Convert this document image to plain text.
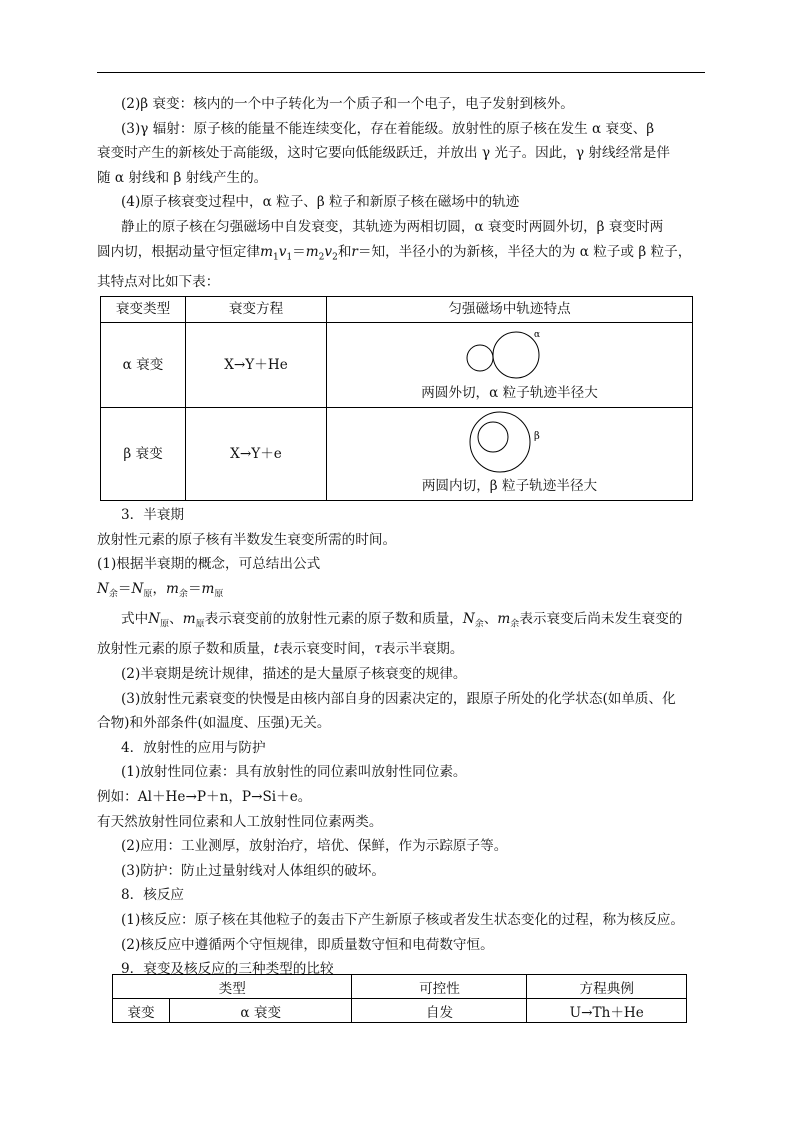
(2)β 衰变：核内的一个中子转化为一个质子和一个电子，电子发射到核外。

(3)γ 辐射：原子核的能量不能连续变化，存在着能级。放射性的原子核在发生 α 衰变、β

衰变时产生的新核处于高能级，这时它要向低能级跃迁，并放出 γ 光子。因此，γ 射线经常是伴

随 α 射线和 β 射线产生的。

(4)原子核衰变过程中，α 粒子、β 粒子和新原子核在磁场中的轨迹

静止的原子核在匀强磁场中自发衰变，其轨迹为两相切圆，α 衰变时两圆外切，β 衰变时两

圆内切，根据动量守恒定律$m_1v_1=m_2v_2$和r＝知，半径小的为新核，半径大的为 α 粒子或 β 粒子，

其特点对比如下表：

衰变类型	衰变方程	匀强磁场中轨迹特点
α 衰变	X→Y＋He	α
两圆外切，α 粒子轨迹半径大

β 衰变	X→Y＋e	β
两圆内切，β 粒子轨迹半径大

3．半衰期

放射性元素的原子核有半数发生衰变所需的时间。

(1)根据半衰期的概念，可总结出公式

$N_余=N_原$，$m_余=m_原$

式中$N_原$、$m_原$表示衰变前的放射性元素的原子数和质量，$N_余$、$m_余$表示衰变后尚未发生衰变的

放射性元素的原子数和质量，t表示衰变时间，τ表示半衰期。

(2)半衰期是统计规律，描述的是大量原子核衰变的规律。

(3)放射性元素衰变的快慢是由核内部自身的因素决定的，跟原子所处的化学状态(如单质、化

合物)和外部条件(如温度、压强)无关。

4．放射性的应用与防护

(1)放射性同位素：具有放射性的同位素叫放射性同位素。

例如：Al＋He→P＋n，P→Si＋e。

有天然放射性同位素和人工放射性同位素两类。

(2)应用：工业测厚，放射治疗，培优、保鲜，作为示踪原子等。

(3)防护：防止过量射线对人体组织的破坏。

8．核反应

(1)核反应：原子核在其他粒子的轰击下产生新原子核或者发生状态变化的过程，称为核反应。

(2)核反应中遵循两个守恒规律，即质量数守恒和电荷数守恒。

9．衰变及核反应的三种类型的比较

类型		可控性	方程典例
衰变	α 衰变	自发	U→Th＋He
